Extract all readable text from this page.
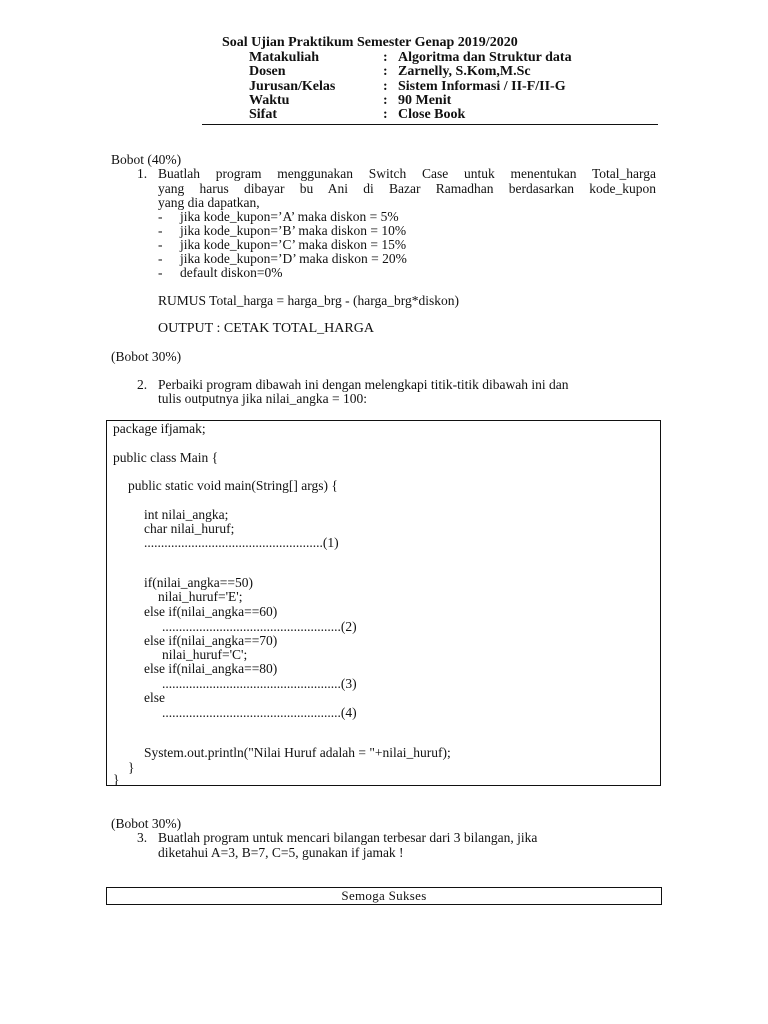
Soal Ujian Praktikum Semester Genap 2019/2020
Matakuliah	: Algoritma dan Struktur data
Dosen	: Zarnelly, S.Kom,M.Sc
Jurusan/Kelas	: Sistem Informasi / II-F/II-G
Waktu	: 90 Menit
Sifat	: Close Book
Bobot (40%)
1. Buatlah program menggunakan Switch Case untuk menentukan Total_harga
yang harus dibayar bu Ani di Bazar Ramadhan berdasarkan kode_kupon
yang dia dapatkan,
- jika kode_kupon=’A’ maka diskon = 5%
- jika kode_kupon=’B’ maka diskon = 10%
- jika kode_kupon=’C’ maka diskon = 15%
- jika kode_kupon=’D’ maka diskon = 20%
- default diskon=0%
RUMUS Total_harga = harga_brg - (harga_brg*diskon)
OUTPUT : CETAK TOTAL_HARGA
(Bobot 30%)
2. Perbaiki program dibawah ini dengan melengkapi titik-titik dibawah ini dan
tulis outputnya jika nilai_angka = 100:
package ifjamak;
public class Main {
public static void main(String[] args) {
int nilai_angka;
char nilai_huruf;
.....................................................(1)
if(nilai_angka==50)
nilai_huruf='E';
else if(nilai_angka==60)
.....................................................(2)
else if(nilai_angka==70)
nilai_huruf='C';
else if(nilai_angka==80)
.....................................................(3)
else
.....................................................(4)
System.out.println("Nilai Huruf adalah = "+nilai_huruf);
}
}
(Bobot 30%)
3. Buatlah program untuk mencari bilangan terbesar dari 3 bilangan, jika
diketahui A=3, B=7, C=5, gunakan if jamak !
Semoga Sukses
